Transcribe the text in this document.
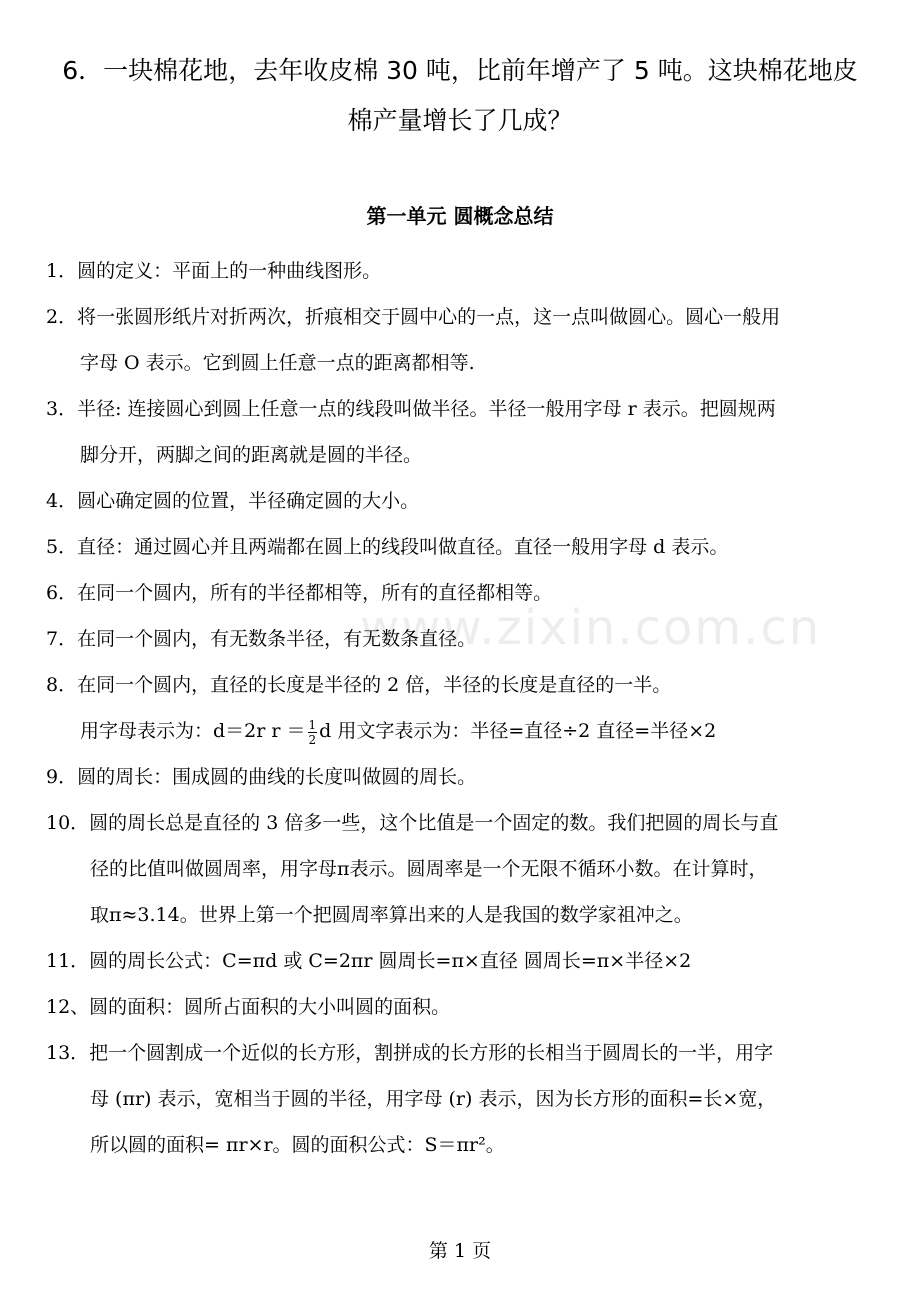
6．一块棉花地，去年收皮棉 30 吨，比前年增产了 5 吨。这块棉花地皮
棉产量增长了几成？
第一单元 圆概念总结
www.zixin.com.cn
1．圆的定义：平面上的一种曲线图形。
2．将一张圆形纸片对折两次，折痕相交于圆中心的一点，这一点叫做圆心。圆心一般用
字母 O 表示。它到圆上任意一点的距离都相等.
3．半径: 连接圆心到圆上任意一点的线段叫做半径。半径一般用字母 r 表示。把圆规两
脚分开，两脚之间的距离就是圆的半径。
4．圆心确定圆的位置，半径确定圆的大小。
5．直径：通过圆心并且两端都在圆上的线段叫做直径。直径一般用字母 d 表示。
6．在同一个圆内，所有的半径都相等，所有的直径都相等。
7．在同一个圆内，有无数条半径，有无数条直径。
8．在同一个圆内，直径的长度是半径的 2 倍，半径的长度是直径的一半。
用字母表示为：d＝2r $r = \frac{1}{2}$ d 用文字表示为：半径=直径÷2 直径=半径×2
9．圆的周长：围成圆的曲线的长度叫做圆的周长。
10．圆的周长总是直径的 3 倍多一些，这个比值是一个固定的数。我们把圆的周长与直
径的比值叫做圆周率，用字母π表示。圆周率是一个无限不循环小数。在计算时，
取π≈3.14。世界上第一个把圆周率算出来的人是我国的数学家祖冲之。
11．圆的周长公式：C=πd 或 C=2πr 圆周长=π×直径 圆周长=π×半径×2
12、圆的面积：圆所占面积的大小叫圆的面积。
13．把一个圆割成一个近似的长方形，割拼成的长方形的长相当于圆周长的一半，用字
母 (πr) 表示，宽相当于圆的半径，用字母 (r) 表示，因为长方形的面积=长×宽，
所以圆的面积= πr×r。圆的面积公式：S＝πr²。
第 1 页
